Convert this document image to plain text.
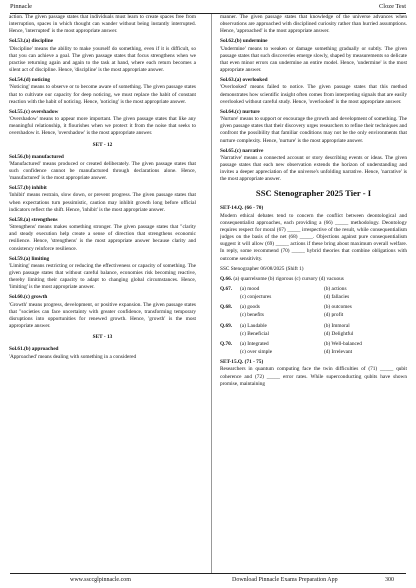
Pinnacle	Cloze Test

action. The given passage states that individuals must learn to create spaces free from interruption, spaces in which thought can wander without being instantly interrupted. Hence, 'interrupted' is the most appropriate answer.

Sol.53.(a) discipline

'Discipline' means the ability to make yourself do something, even if it is difficult, so that you can achieve a goal. The given passage states that focus strengthens when we practise returning again and again to the task at hand, where each return becomes a silent act of discipline. Hence, 'discipline' is the most appropriate answer.

Sol.54.(d) noticing

'Noticing' means to observe or to become aware of something. The given passage states that to cultivate our capacity for deep noticing, we must replace the habit of constant reaction with the habit of noticing. Hence, 'noticing' is the most appropriate answer.

Sol.55.(c) overshadow

'Overshadow' means to appear more important. The given passage states that like any meaningful relationship, it flourishes when we protect it from the noise that seeks to overshadow it. Hence, 'overshadow' is the most appropriate answer.

SET - 12
Sol.56.(b) manufactured

'Manufactured' means produced or created deliberately. The given passage states that such confidence cannot be manufactured through declarations alone. Hence, 'manufactured' is the most appropriate answer.

Sol.57.(b) inhibit

'Inhibit' means restrain, slow down, or prevent progress. The given passage states that when expectations turn pessimistic, caution may inhibit growth long before official indicators reflect the shift. Hence, 'inhibit' is the most appropriate answer.

Sol.58.(a) strengthens

'Strengthens' means makes something stronger. The given passage states that "clarity and steady execution help create a sense of direction that strengthens economic resilience. Hence, 'strengthens' is the most appropriate answer because clarity and consistency reinforce resilience.

Sol.59.(a) limiting

'Limiting' means restricting or reducing the effectiveness or capacity of something. The given passage states that without careful balance, economies risk becoming reactive, thereby limiting their capacity to adapt to changing global circumstances. Hence, 'limiting' is the most appropriate answer.

Sol.60.(c) growth

'Growth' means progress, development, or positive expansion. The given passage states that "societies can face uncertainty with greater confidence, transforming temporary disruptions into opportunities for renewed growth. Hence, 'growth' is the most appropriate answer.

SET - 13
Sol.61.(b) approached

'Approached' means dealing with something in a considered

manner. The given passage states that knowledge of the universe advances when observations are approached with disciplined curiosity rather than hurried assumptions. Hence, 'approached' is the most appropriate answer.

Sol.62.(b) undermine

'Undermine' means to weaken or damage something gradually or subtly. The given passage states that such discoveries emerge slowly, shaped by measurements so delicate that even minor errors can undermine an entire model. Hence, 'undermine' is the most appropriate answer.

Sol.63.(a) overlooked

'Overlooked' means failed to notice. The given passage states that this method demonstrates how scientific insight often comes from interpreting signals that are easily overlooked without careful study. Hence, 'overlooked' is the most appropriate answer.

Sol.64.(c) nurture

'Nurture' means to support or encourage the growth and development of something. The given passage states that their discovery urges researchers to refine their techniques and confront the possibility that familiar conditions may not be the only environments that nurture complexity. Hence, 'nurture' is the most appropriate answer.

Sol.65.(c) narrative

'Narrative' means a connected account or story describing events or ideas. The given passage states that each new observation extends the horizon of understanding and invites a deeper appreciation of the universe's unfolding narrative. Hence, 'narrative' is the most appropriate answer.

SSC Stenographer 2025 Tier - I
SET-14.Q. (66 - 70)

Modern ethical debates tend to concern the conflict between deontological and consequentialist approaches, each providing a (66) _____ methodology. Deontology requires respect for moral (67) _____ irrespective of the result, while consequentialism judges on the basis of the net (68) _____. Objections against pure consequentialism suggest it will allow (69) _____ actions if these bring about maximum overall welfare. In reply, some recommend (70) _____ hybrid theories that combine obligations with outcome sensitivity.

SSC Stenographer 06/08/2025 (Shift 1)

Q.66. (a) quarrelsome (b) rigorous (c) cursory (d) vacuous
Q.67.	(a) mood	(b) actions
(c) conjectures	(d) fallacies
Q.68.	(a) goods	(b) outcomes
(c) benefits	(d) profit
Q.69.	(a) Laudable	(b) Immoral
(c) Beneficial	(d) Delightful
Q.70.	(a) Integrated	(b) Well-balanced
(c) over simple	(d) Irrelevant
SET-15.Q. (71 - 75)

Researchers in quantum computing face the twin difficulties of (71) _____ qubit coherence and (72) _____ error rates. While superconducting qubits have shown promise, maintaining

www.ssccglpinnacle.com	Download Pinnacle Exams Preparation App	300
